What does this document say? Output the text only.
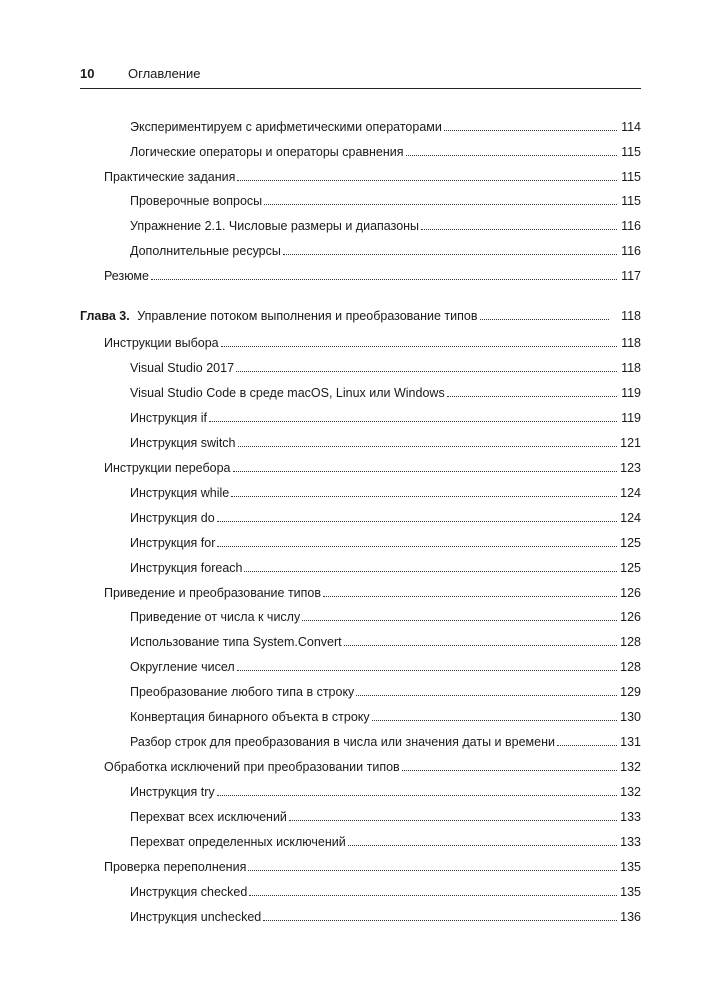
10	Оглавление
Экспериментируем с арифметическими операторами	114
Логические операторы и операторы сравнения	115
Практические задания	115
Проверочные вопросы	115
Упражнение 2.1. Числовые размеры и диапазоны	116
Дополнительные ресурсы	116
Резюме	117
Глава 3. Управление потоком выполнения и преобразование типов	118
Инструкции выбора	118
Visual Studio 2017	118
Visual Studio Code в среде macOS, Linux или Windows	119
Инструкция if	119
Инструкция switch	121
Инструкции перебора	123
Инструкция while	124
Инструкция do	124
Инструкция for	125
Инструкция foreach	125
Приведение и преобразование типов	126
Приведение от числа к числу	126
Использование типа System.Convert	128
Округление чисел	128
Преобразование любого типа в строку	129
Конвертация бинарного объекта в строку	130
Разбор строк для преобразования в числа или значения даты и времени	131
Обработка исключений при преобразовании типов	132
Инструкция try	132
Перехват всех исключений	133
Перехват определенных исключений	133
Проверка переполнения	135
Инструкция checked	135
Инструкция unchecked	136
